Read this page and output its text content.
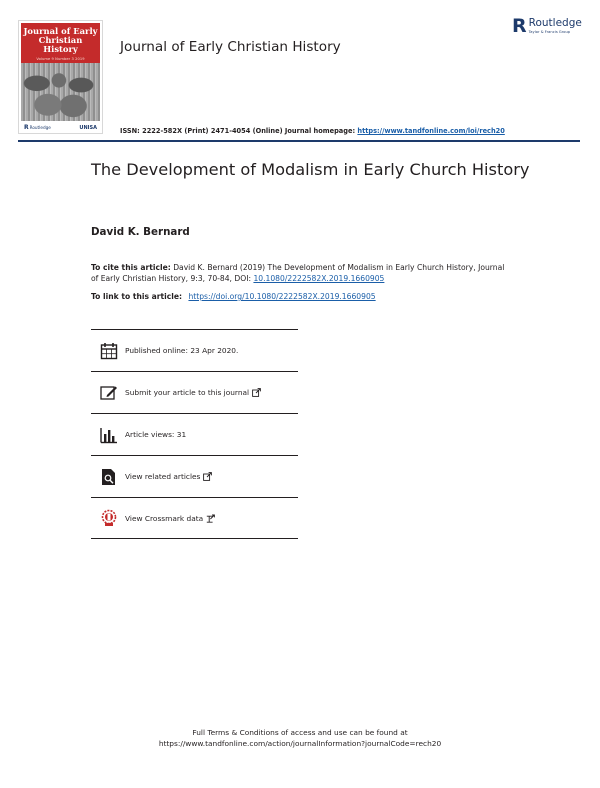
Journal of Early
Christian History
Volume 9 Number 3 2019
R Routledge	UNISA
Journal of Early Christian History
R Routledge
Taylor & Francis Group
ISSN: 2222-582X (Print) 2471-4054 (Online) Journal homepage: https://www.tandfonline.com/loi/rech20
The Development of Modalism in Early Church History
David K. Bernard
To cite this article: David K. Bernard (2019) The Development of Modalism in Early Church History, Journal of Early Christian History, 9:3, 70-84, DOI: 10.1080/2222582X.2019.1660905
To link to this article: https://doi.org/10.1080/2222582X.2019.1660905
Published online: 23 Apr 2020.
Submit your article to this journal
Article views: 31
View related articles
View Crossmark data
Full Terms & Conditions of access and use can be found at
https://www.tandfonline.com/action/journalInformation?journalCode=rech20
